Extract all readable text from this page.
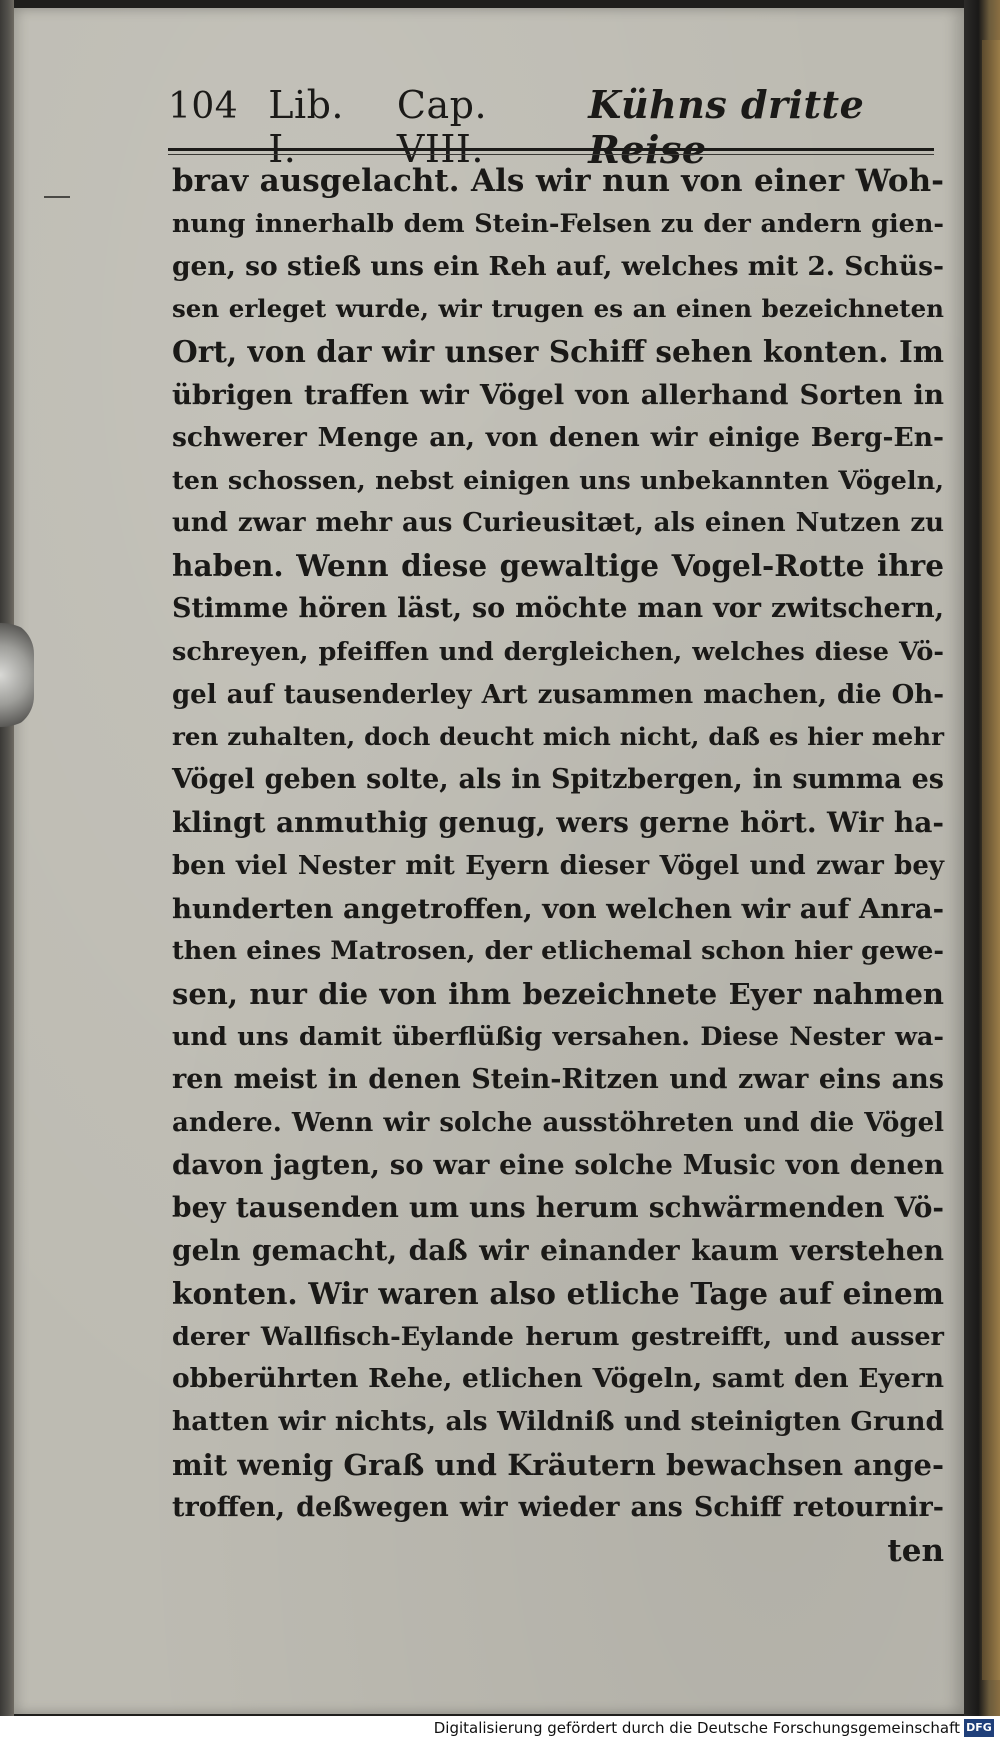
104 Lib. I.
Cap. VIII.
Kühns dritte Reise
brav ausgelacht. Als wir nun von einer Woh-
nung innerhalb dem Stein-Felsen zu der andern gien-
gen, so stieß uns ein Reh auf, welches mit 2. Schüs-
sen erleget wurde, wir trugen es an einen bezeichneten
Ort, von dar wir unser Schiff sehen konten. Im
übrigen traffen wir Vögel von allerhand Sorten in
schwerer Menge an, von denen wir einige Berg-En-
ten schossen, nebst einigen uns unbekannten Vögeln,
und zwar mehr aus Curieusitæt, als einen Nutzen zu
haben. Wenn diese gewaltige Vogel-Rotte ihre
Stimme hören läst, so möchte man vor zwitschern,
schreyen, pfeiffen und dergleichen, welches diese Vö-
gel auf tausenderley Art zusammen machen, die Oh-
ren zuhalten, doch deucht mich nicht, daß es hier mehr
Vögel geben solte, als in Spitzbergen, in summa es
klingt anmuthig genug, wers gerne hört. Wir ha-
ben viel Nester mit Eyern dieser Vögel und zwar bey
hunderten angetroffen, von welchen wir auf Anra-
then eines Matrosen, der etlichemal schon hier gewe-
sen, nur die von ihm bezeichnete Eyer nahmen
und uns damit überflüßig versahen. Diese Nester wa-
ren meist in denen Stein-Ritzen und zwar eins ans
andere. Wenn wir solche ausstöhreten und die Vögel
davon jagten, so war eine solche Music von denen
bey tausenden um uns herum schwärmenden Vö-
geln gemacht, daß wir einander kaum verstehen
konten. Wir waren also etliche Tage auf einem
derer Wallfisch-Eylande herum gestreifft, und ausser
obberührten Rehe, etlichen Vögeln, samt den Eyern
hatten wir nichts, als Wildniß und steinigten Grund
mit wenig Graß und Kräutern bewachsen ange-
troffen, deßwegen wir wieder ans Schiff retournir-
ten
Digitalisierung gefördert durch die Deutsche Forschungsgemeinschaft DFG
